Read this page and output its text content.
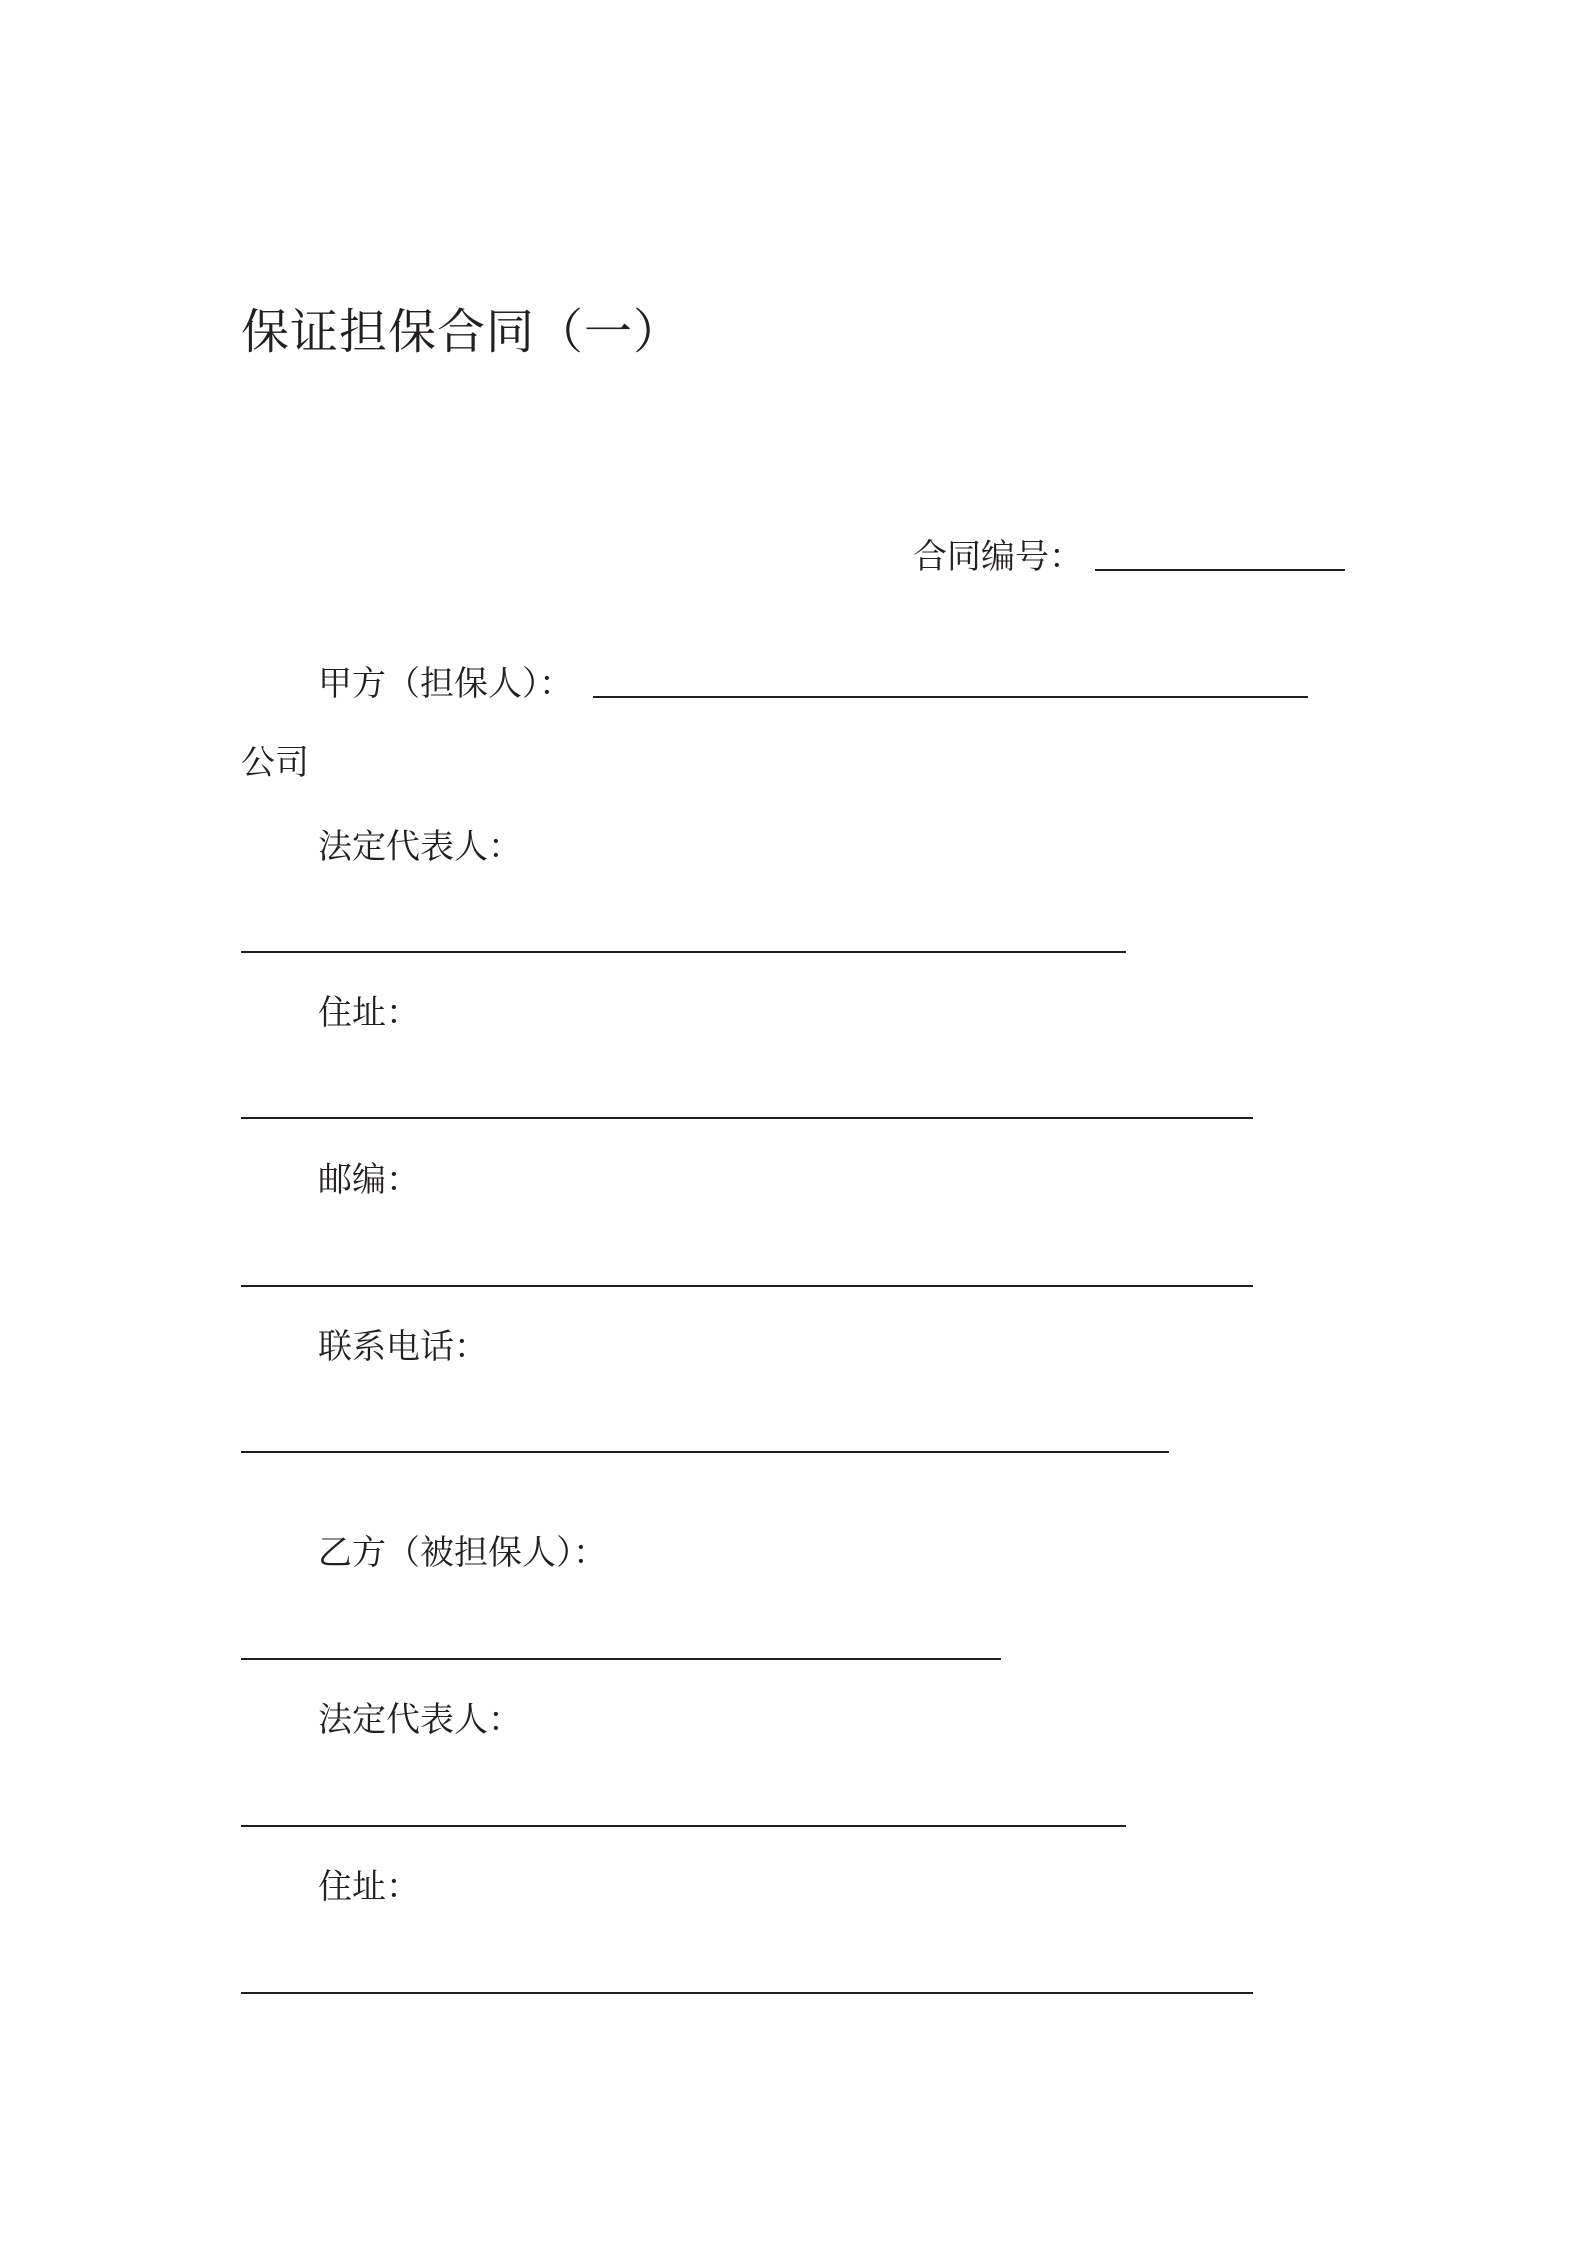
保证担保合同（一）
合同编号：
甲方（担保人）：
公司
法定代表人：
住址：
邮编：
联系电话：
乙方（被担保人）：
法定代表人：
住址：
